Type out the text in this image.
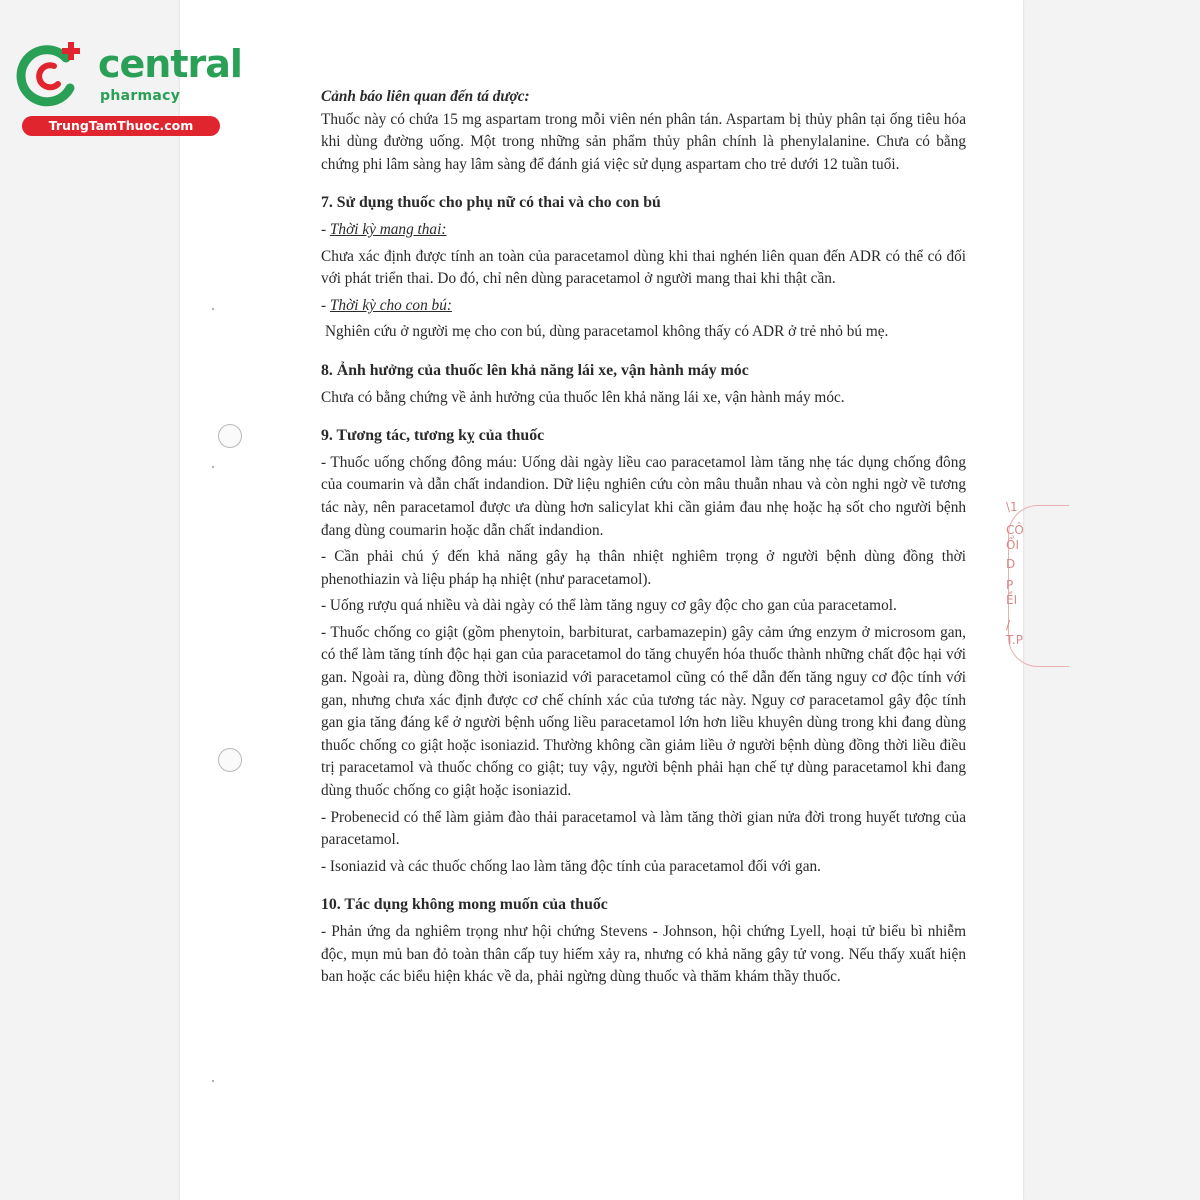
central
pharmacy
TrungTamThuoc.com
\1
CÔ
ỔI
D
P
ỀI
/
T.P

Cảnh báo liên quan đến tá dược:

Thuốc này có chứa 15 mg aspartam trong mỗi viên nén phân tán. Aspartam bị thủy phân tại ống tiêu hóa khi dùng đường uống. Một trong những sản phẩm thủy phân chính là phenylalanine. Chưa có bằng chứng phi lâm sàng hay lâm sàng để đánh giá việc sử dụng aspartam cho trẻ dưới 12 tuần tuổi.

7. Sử dụng thuốc cho phụ nữ có thai và cho con bú

- Thời kỳ mang thai:

Chưa xác định được tính an toàn của paracetamol dùng khi thai nghén liên quan đến ADR có thể có đối với phát triển thai. Do đó, chỉ nên dùng paracetamol ở người mang thai khi thật cần.

- Thời kỳ cho con bú:

Nghiên cứu ở người mẹ cho con bú, dùng paracetamol không thấy có ADR ở trẻ nhỏ bú mẹ.

8. Ảnh hưởng của thuốc lên khả năng lái xe, vận hành máy móc

Chưa có bằng chứng về ảnh hưởng của thuốc lên khả năng lái xe, vận hành máy móc.

9. Tương tác, tương kỵ của thuốc

- Thuốc uống chống đông máu: Uống dài ngày liều cao paracetamol làm tăng nhẹ tác dụng chống đông của coumarin và dẫn chất indandion. Dữ liệu nghiên cứu còn mâu thuẫn nhau và còn nghi ngờ về tương tác này, nên paracetamol được ưa dùng hơn salicylat khi cần giảm đau nhẹ hoặc hạ sốt cho người bệnh đang dùng coumarin hoặc dẫn chất indandion.

- Cần phải chú ý đến khả năng gây hạ thân nhiệt nghiêm trọng ở người bệnh dùng đồng thời phenothiazin và liệu pháp hạ nhiệt (như paracetamol).

- Uống rượu quá nhiều và dài ngày có thể làm tăng nguy cơ gây độc cho gan của paracetamol.

- Thuốc chống co giật (gồm phenytoin, barbiturat, carbamazepin) gây cảm ứng enzym ở microsom gan, có thể làm tăng tính độc hại gan của paracetamol do tăng chuyển hóa thuốc thành những chất độc hại với gan. Ngoài ra, dùng đồng thời isoniazid với paracetamol cũng có thể dẫn đến tăng nguy cơ độc tính với gan, nhưng chưa xác định được cơ chế chính xác của tương tác này. Nguy cơ paracetamol gây độc tính gan gia tăng đáng kể ở người bệnh uống liều paracetamol lớn hơn liều khuyên dùng trong khi đang dùng thuốc chống co giật hoặc isoniazid. Thường không cần giảm liều ở người bệnh dùng đồng thời liều điều trị paracetamol và thuốc chống co giật; tuy vậy, người bệnh phải hạn chế tự dùng paracetamol khi đang dùng thuốc chống co giật hoặc isoniazid.

- Probenecid có thể làm giảm đào thải paracetamol và làm tăng thời gian nửa đời trong huyết tương của paracetamol.

- Isoniazid và các thuốc chống lao làm tăng độc tính của paracetamol đối với gan.

10. Tác dụng không mong muốn của thuốc

- Phản ứng da nghiêm trọng như hội chứng Stevens - Johnson, hội chứng Lyell, hoại tử biểu bì nhiễm độc, mụn mủ ban đỏ toàn thân cấp tuy hiếm xảy ra, nhưng có khả năng gây tử vong. Nếu thấy xuất hiện ban hoặc các biểu hiện khác về da, phải ngừng dùng thuốc và thăm khám thầy thuốc.
